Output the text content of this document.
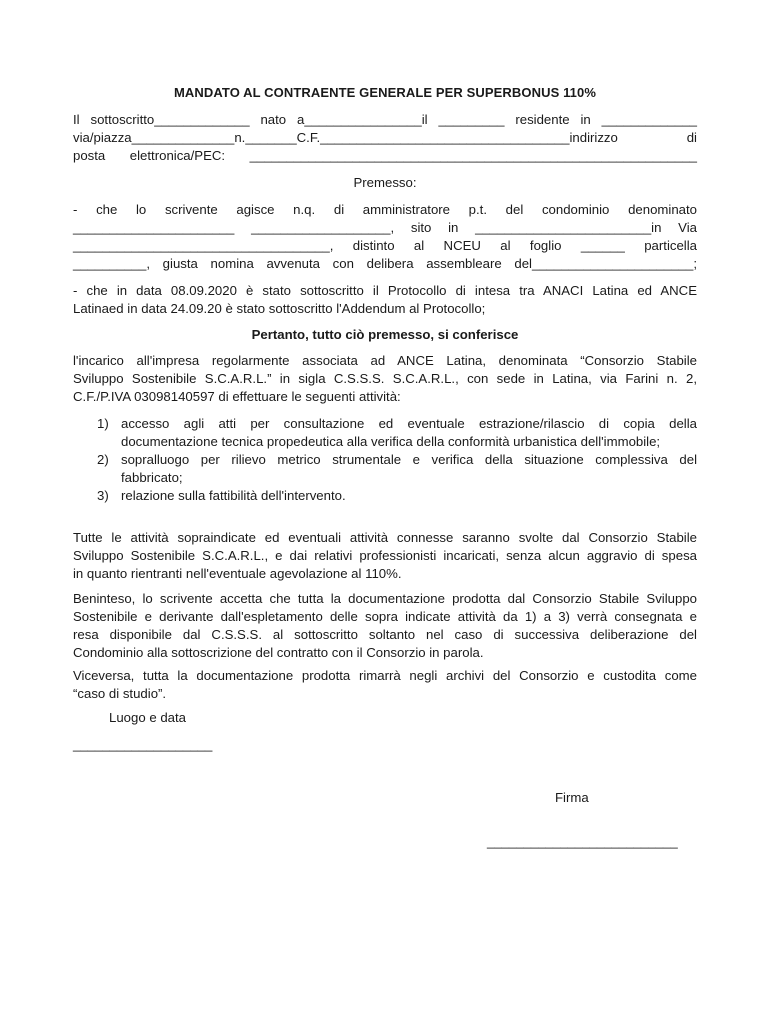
MANDATO AL CONTRAENTE GENERALE PER SUPERBONUS 110%
Il sottoscritto_____________ nato a________________il _________ residente in _____________
via/piazza______________n._______C.F.__________________________________indirizzo di
posta elettronica/PEC: _____________________________________________________________
Premesso:
- che lo scrivente agisce n.q. di amministratore p.t. del condominio denominato
______________________ ___________________, sito in ________________________in Via
___________________________________, distinto al NCEU al foglio ______ particella
__________, giusta nomina avvenuta con delibera assembleare del______________________;
- che in data 08.09.2020 è stato sottoscritto il Protocollo di intesa tra ANACI Latina ed ANCE
Latinaed in data 24.09.20 è stato sottoscritto l'Addendum al Protocollo;
Pertanto, tutto ciò premesso, si conferisce
l'incarico all'impresa regolarmente associata ad ANCE Latina, denominata “Consorzio Stabile
Sviluppo Sostenibile S.C.A.R.L.” in sigla C.S.S.S. S.C.A.R.L., con sede in Latina, via Farini n. 2,
C.F./P.IVA 03098140597 di effettuare le seguenti attività:
1) accesso agli atti per consultazione ed eventuale estrazione/rilascio di copia della
documentazione tecnica propedeutica alla verifica della conformità urbanistica dell'immobile;
2) sopralluogo per rilievo metrico strumentale e verifica della situazione complessiva del
fabbricato;
3) relazione sulla fattibilità dell'intervento.
Tutte le attività sopraindicate ed eventuali attività connesse saranno svolte dal Consorzio Stabile
Sviluppo Sostenibile S.C.A.R.L., e dai relativi professionisti incaricati, senza alcun aggravio di spesa
in quanto rientranti nell'eventuale agevolazione al 110%.
Beninteso, lo scrivente accetta che tutta la documentazione prodotta dal Consorzio Stabile Sviluppo
Sostenibile e derivante dall'espletamento delle sopra indicate attività da 1) a 3) verrà consegnata e
resa disponibile dal C.S.S.S. al sottoscritto soltanto nel caso di successiva deliberazione del
Condominio alla sottoscrizione del contratto con il Consorzio in parola.
Viceversa, tutta la documentazione prodotta rimarrà negli archivi del Consorzio e custodita come
“caso di studio”.
Luogo e data
___________________
Firma
__________________________
